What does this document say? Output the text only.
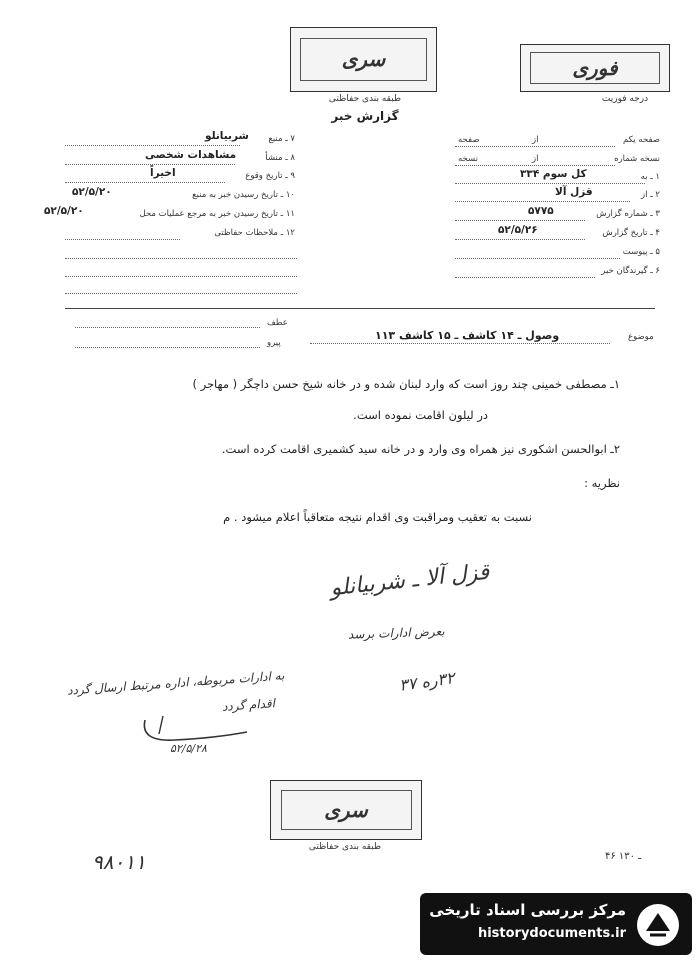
سری
طبقه بندی حفاظتی
گزارش خبر
فوری
درجه فوریت
صفحه یکم
از
صفحه
نسخه شماره
از
نسخه
۱ ـ به
کل سوم ۳۳۴
۲ ـ از
قزل آلا
۳ ـ شماره گزارش
۵۷۷۵
۴ ـ تاریخ گزارش
۵۲/۵/۲۶
۵ ـ پیوست
۶ ـ گیرندگان خبر
۷ ـ منبع
شربیانلو
۸ ـ منشأ
مشاهدات شخصی
۹ ـ تاریخ وقوع
اخیراً
۱۰ ـ تاریخ رسیدن خبر به منبع
۵۲/۵/۲۰
۱۱ ـ تاریخ رسیدن خبر به مرجع عملیات محل
۵۲/۵/۲۰
۱۲ ـ ملاحظات حفاظتی
موضوع
وصول ـ ۱۴ کاشف ـ ۱۵ کاشف ۱۱۳
عطف
پیرو
۱ـ مصطفی خمینی چند روز است که وارد لبنان شده و در خانه شیخ حسن داچگر ( مهاجر )
در لیلون اقامت نموده است.
۲ـ ابوالحسن اشکوری نیز همراه وی وارد و در خانه سید کشمیری اقامت کرده است.
نظریه :
نسبت به تعقیب ومراقبت وی اقدام نتیجه متعاقباً اعلام میشود . م
قزل آلا ـ شربیانلو
بعرض ادارات برسد
۳۲ره ۳۷
به ادارات مربوطه، اداره مرتبط ارسال گردد
اقدام گردد
۵۲/۵/۲۸
سری
طبقه بندی حفاظتی
۹۸۰۱۱	۴۶ ـ ۱۳۰
مرکز بررسی اسناد تاریخی
historydocuments.ir
